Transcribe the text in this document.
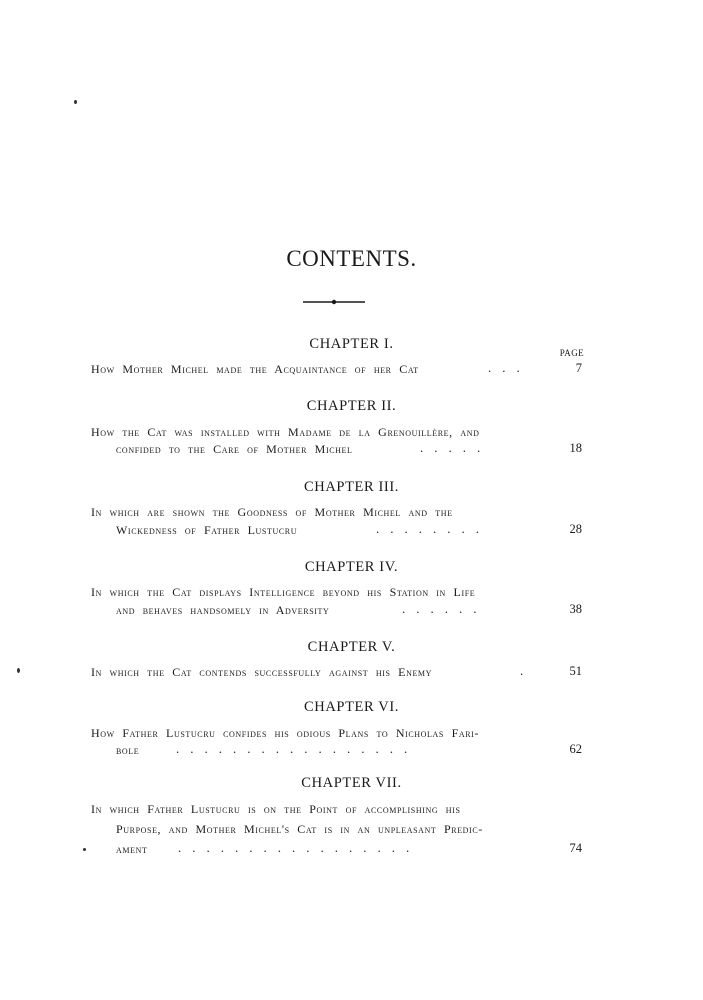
CONTENTS.
PAGE
CHAPTER I.
How Mother Michel made the Acquaintance of her Cat	...	7
CHAPTER II.
How the Cat was installed with Madame de la Grenouillère, and
confided to the Care of Mother Michel	.....	18
CHAPTER III.
In which are shown the Goodness of Mother Michel and the
Wickedness of Father Lustucru	........	28
CHAPTER IV.
In which the Cat displays Intelligence beyond his Station in Life
and behaves handsomely in Adversity	......	38
CHAPTER V.
In which the Cat contends successfully against his Enemy	.	51
CHAPTER VI.
How Father Lustucru confides his odious Plans to Nicholas Fari-
bole	.................	62
CHAPTER VII.
In which Father Lustucru is on the Point of accomplishing his
Purpose, and Mother Michel's Cat is in an unpleasant Predic-
ament .................	74
